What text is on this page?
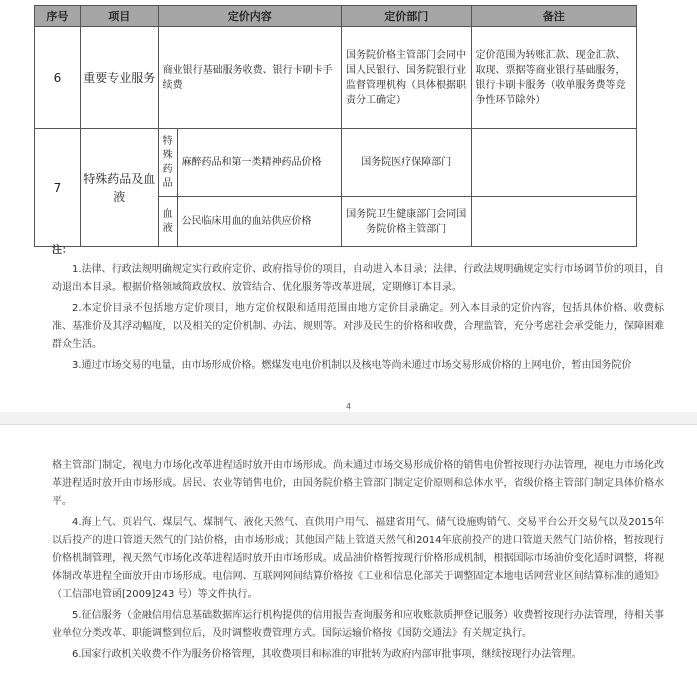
序号	项目	定价内容		定价部门	备注
6	重要专业服务	商业银行基础服务收费、银行卡刷卡手续费		国务院价格主管部门会同中国人民银行、国务院银行业监督管理机构（具体根据职责分工确定）	定价范围为转账汇款、现金汇款、取现、票据等商业银行基础服务，银行卡刷卡服务（收单服务费等竞争性环节除外）
7	特殊药品及血液	特殊药品	麻醉药品和第一类精神药品价格	国务院医疗保障部门	
		血液	公民临床用血的血站供应价格	国务院卫生健康部门会同国务院价格主管部门	

注：

1.法律、行政法规明确规定实行政府定价、政府指导价的项目，自动进入本目录；法律、行政法规明确规定实行市场调节价的项目，自动退出本目录。根据价格领域简政放权、放管结合、优化服务等改革进展，定期修订本目录。

2.本定价目录不包括地方定价项目，地方定价权限和适用范围由地方定价目录确定。列入本目录的定价内容，包括具体价格、收费标准、基准价及其浮动幅度，以及相关的定价机制、办法、规则等。对涉及民生的价格和收费，合理监管，充分考虑社会承受能力，保障困难群众生活。

3.通过市场交易的电量，由市场形成价格。燃煤发电电价机制以及核电等尚未通过市场交易形成价格的上网电价，暂由国务院价

4

格主管部门制定，视电力市场化改革进程适时放开由市场形成。尚未通过市场交易形成价格的销售电价暂按现行办法管理，视电力市场化改革进程适时放开由市场形成。居民、农业等销售电价，由国务院价格主管部门制定定价原则和总体水平，省级价格主管部门制定具体价格水平。

4.海上气、页岩气、煤层气、煤制气、液化天然气、直供用户用气、福建省用气、储气设施购销气、交易平台公开交易气以及2015年以后投产的进口管道天然气的门站价格，由市场形成；其他国产陆上管道天然气和2014年底前投产的进口管道天然气门站价格，暂按现行价格机制管理，视天然气市场化改革进程适时放开由市场形成。成品油价格暂按现行价格形成机制，根据国际市场油价变化适时调整，将视体制改革进程全面放开由市场形成。电信网、互联网网间结算价格按《工业和信息化部关于调整固定本地电话网营业区间结算标准的通知》（工信部电管函[2009]243 号）等文件执行。

5.征信服务（金融信用信息基础数据库运行机构提供的信用报告查询服务和应收账款质押登记服务）收费暂按现行办法管理，待相关事业单位分类改革、职能调整到位后，及时调整收费管理方式。国际运输价格按《国防交通法》有关规定执行。

6.国家行政机关收费不作为服务价格管理，其收费项目和标准的审批转为政府内部审批事项，继续按现行办法管理。
